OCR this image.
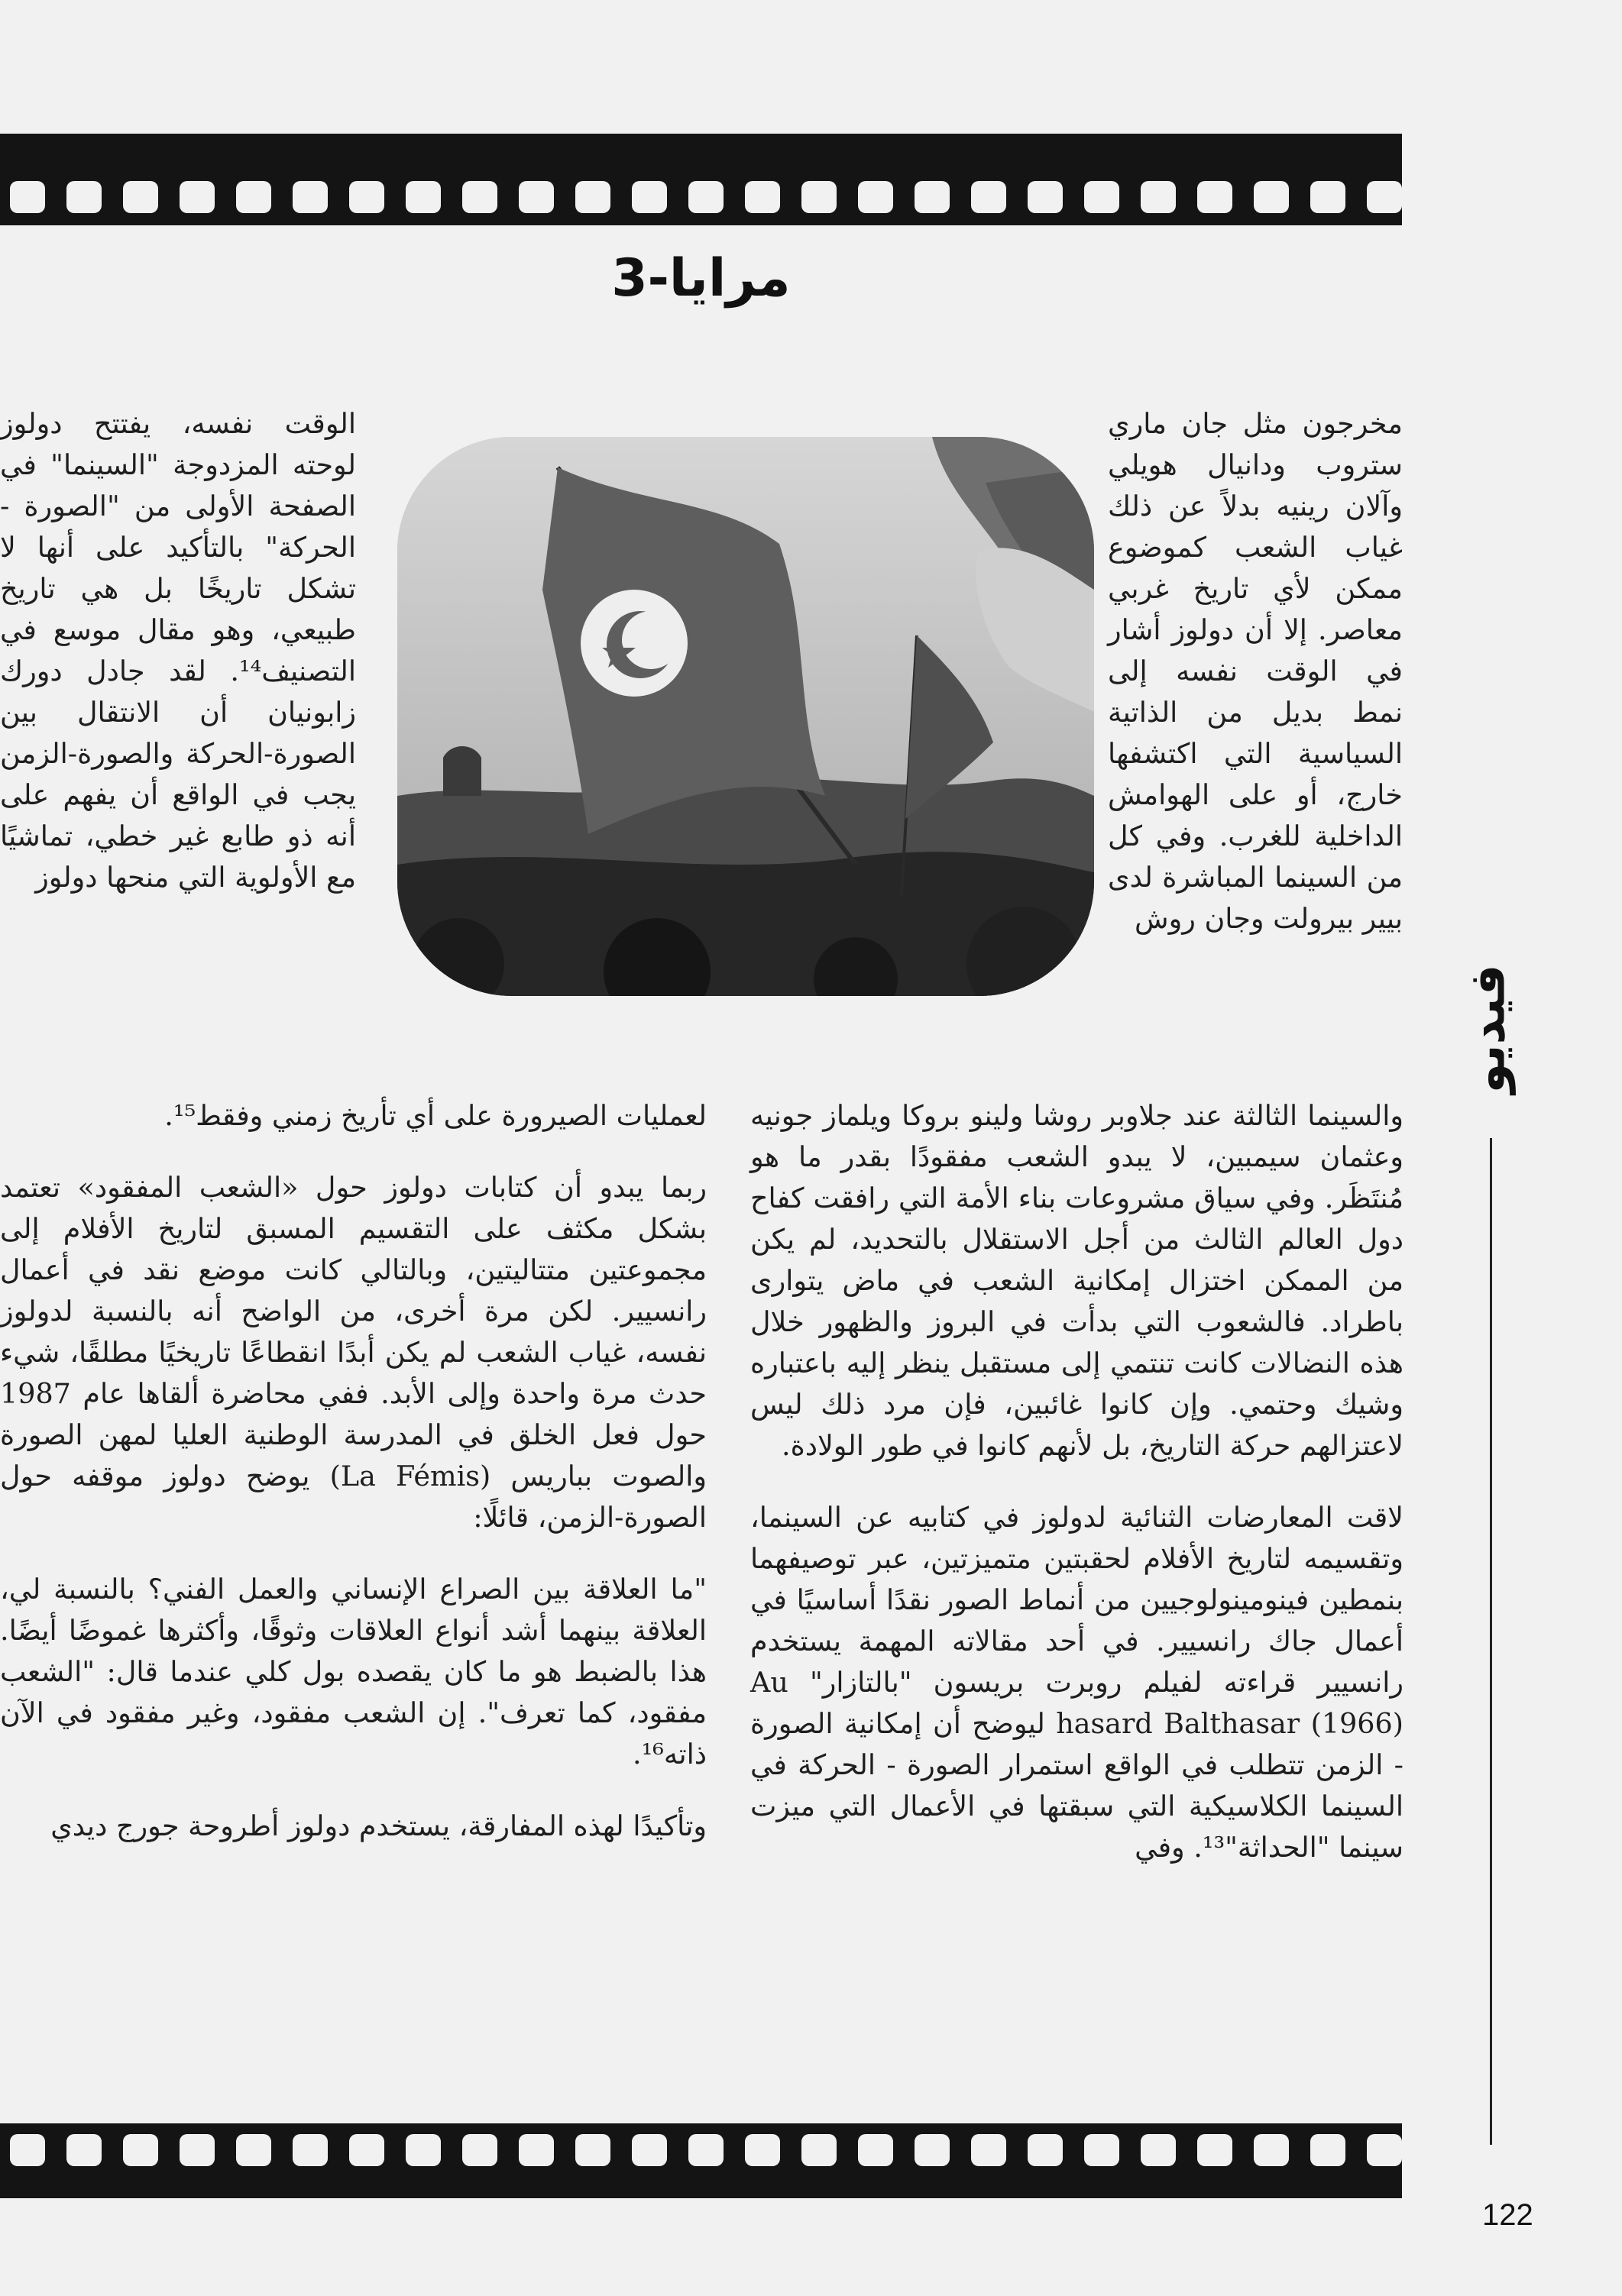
مرايا-3

مخرجون مثل جان ماري ستروب ودانيال هويلي وآلان رينيه بدلاً عن ذلك غياب الشعب كموضوع ممكن لأي تاريخ غربي معاصر. إلا أن دولوز أشار في الوقت نفسه إلى نمط بديل من الذاتية السياسية التي اكتشفها خارج، أو على الهوامش الداخلية للغرب. وفي كل من السينما المباشرة لدى بيير بيرولت وجان روش

الوقت نفسه، يفتتح دولوز لوحته المزدوجة "السينما" في الصفحة الأولى من "الصورة - الحركة" بالتأكيد على أنها لا تشكل تاريخًا بل هي تاريخ طبيعي، وهو مقال موسع في التصنيف¹⁴. لقد جادل دورك زابونيان أن الانتقال بين الصورة-الحركة والصورة-الزمن يجب في الواقع أن يفهم على أنه ذو طابع غير خطي، تماشيًا مع الأولوية التي منحها دولوز

والسينما الثالثة عند جلاوبر روشا ولينو بروكا ويلماز جونيه وعثمان سيمبين، لا يبدو الشعب مفقودًا بقدر ما هو مُنتَظَر. وفي سياق مشروعات بناء الأمة التي رافقت كفاح دول العالم الثالث من أجل الاستقلال بالتحديد، لم يكن من الممكن اختزال إمكانية الشعب في ماض يتوارى باطراد. فالشعوب التي بدأت في البروز والظهور خلال هذه النضالات كانت تنتمي إلى مستقبل ينظر إليه باعتباره وشيك وحتمي. وإن كانوا غائبين، فإن مرد ذلك ليس لاعتزالهم حركة التاريخ، بل لأنهم كانوا في طور الولادة.

لاقت المعارضات الثنائية لدولوز في كتابيه عن السينما، وتقسيمه لتاريخ الأفلام لحقبتين متميزتين، عبر توصيفهما بنمطين فينومينولوجيين من أنماط الصور نقدًا أساسيًا في أعمال جاك رانسيير. في أحد مقالاته المهمة يستخدم رانسيير قراءته لفيلم روبرت بريسون "بالتازار" Au hasard Balthasar (1966) ليوضح أن إمكانية الصورة - الزمن تتطلب في الواقع استمرار الصورة - الحركة في السينما الكلاسيكية التي سبقتها في الأعمال التي ميزت سينما "الحداثة"¹³. وفي

لعمليات الصيرورة على أي تأريخ زمني وفقط¹⁵.

ربما يبدو أن كتابات دولوز حول «الشعب المفقود» تعتمد بشكل مكثف على التقسيم المسبق لتاريخ الأفلام إلى مجموعتين متتاليتين، وبالتالي كانت موضع نقد في أعمال رانسيير. لكن مرة أخرى، من الواضح أنه بالنسبة لدولوز نفسه، غياب الشعب لم يكن أبدًا انقطاعًا تاريخيًا مطلقًا، شيء حدث مرة واحدة وإلى الأبد. ففي محاضرة ألقاها عام 1987 حول فعل الخلق في المدرسة الوطنية العليا لمهن الصورة والصوت بباريس (La Fémis) يوضح دولوز موقفه حول الصورة-الزمن، قائلًا:

"ما العلاقة بين الصراع الإنساني والعمل الفني؟ بالنسبة لي، العلاقة بينهما أشد أنواع العلاقات وثوقًا، وأكثرها غموضًا أيضًا. هذا بالضبط هو ما كان يقصده بول كلي عندما قال: "الشعب مفقود، كما تعرف". إن الشعب مفقود، وغير مفقود في الآن ذاته¹⁶.

وتأكيدًا لهذه المفارقة، يستخدم دولوز أطروحة جورج ديدي

فيديو
122
